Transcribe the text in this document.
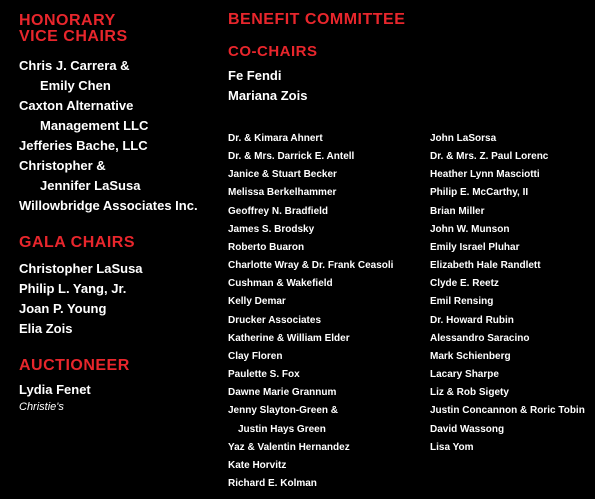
HONORARY
VICE CHAIRS
Chris J. Carrera &
Emily Chen
Caxton Alternative
Management LLC
Jefferies Bache, LLC
Christopher &
Jennifer LaSusa
Willowbridge Associates Inc.
GALA CHAIRS
Christopher LaSusa
Philip L. Yang, Jr.
Joan P. Young
Elia Zois
AUCTIONEER
Lydia Fenet
Christie's
BENEFIT COMMITTEE
CO-CHAIRS
Fe Fendi
Mariana Zois
Dr. & Kimara Ahnert
Dr. & Mrs. Darrick E. Antell
Janice & Stuart Becker
Melissa Berkelhammer
Geoffrey N. Bradfield
James S. Brodsky
Roberto Buaron
Charlotte Wray & Dr. Frank Ceasoli
Cushman & Wakefield
Kelly Demar
Drucker Associates
Katherine & William Elder
Clay Floren
Paulette S. Fox
Dawne Marie Grannum
Jenny Slayton-Green &
Justin Hays Green
Yaz & Valentin Hernandez
Kate Horvitz
Richard E. Kolman
John LaSorsa
Dr. & Mrs. Z. Paul Lorenc
Heather Lynn Masciotti
Philip E. McCarthy, II
Brian Miller
John W. Munson
Emily Israel Pluhar
Elizabeth Hale Randlett
Clyde E. Reetz
Emil Rensing
Dr. Howard Rubin
Alessandro Saracino
Mark Schienberg
Lacary Sharpe
Liz & Rob Sigety
Justin Concannon & Roric Tobin
David Wassong
Lisa Yom
